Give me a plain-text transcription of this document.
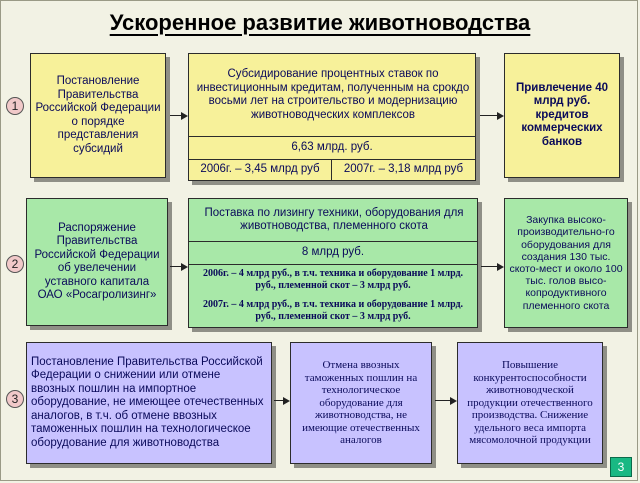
Ускоренное развитие животноводства
1
Постановление Правительства Российской Федерации о порядке представления субсидий
Субсидирование процентных ставок по инвестиционным кредитам, полученным на срокдо восьми лет на строительство и модернизацию животноводческих комплексов
6,63 млрд. руб.
2006г. – 3,45 млрд руб	2007г. – 3,18 млрд руб
Привлечение 40 млрд руб. кредитов коммерческих банков
2
Распоряжение Правительства Российской Федерации об увелечении уставного капитала ОАО «Росагролизинг»
Поставка по лизингу техники, оборудования для животноводства, племенного скота
8 млрд руб.
2006г. – 4 млрд руб., в т.ч. техника и оборудование 1 млрд. руб., племенной скот – 3 млрд руб.
2007г. – 4 млрд руб., в т.ч. техника и оборудование 1 млрд. руб., племенной скот – 3 млрд руб.
Закупка высоко-производительно-го оборудования для создания 130 тыс. ското-мест и около 100 тыс. голов высо-копродуктивного племенного скота
3
Постановление Правительства Российской Федерации о снижении или отмене ввозных пошлин на импортное оборудование, не имеющее отечественных аналогов, в т.ч. об отмене ввозных таможенных пошлин на технологическое оборудование для животноводства
Отмена ввозных таможенных пошлин на технологическое оборудование для животноводства, не имеющие отечественных аналогов
Повышение конкурентоспособности животноводческой продукции отечественного производства. Снижение удельного веса импорта мясомолочной продукции
3
